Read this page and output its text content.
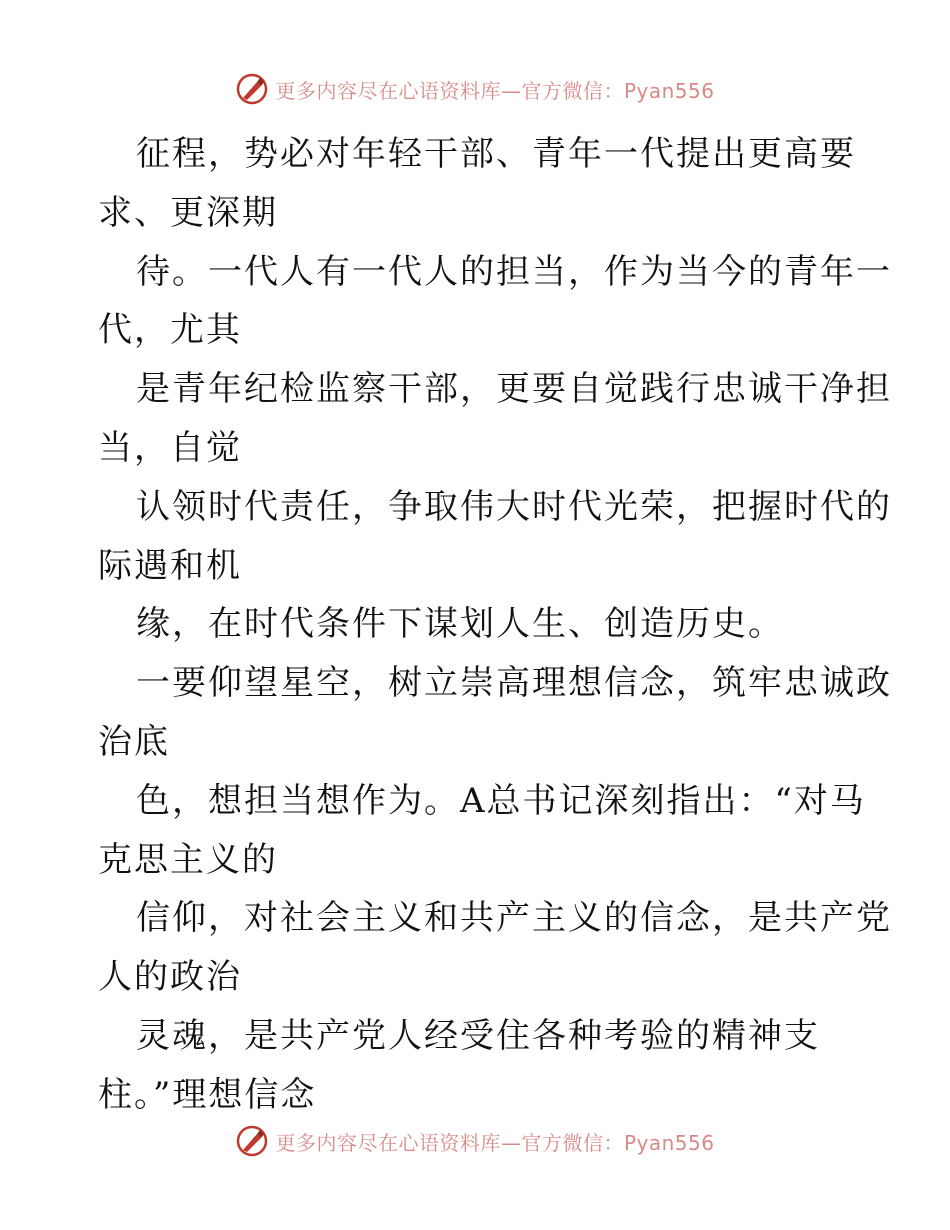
更多内容尽在心语资料库—官方微信：Pyan556
征程，势必对年轻干部、青年一代提出更高要
求、更深期
待。一代人有一代人的担当，作为当今的青年一
代，尤其
是青年纪检监察干部，更要自觉践行忠诚干净担
当，自觉
认领时代责任，争取伟大时代光荣，把握时代的
际遇和机
缘，在时代条件下谋划人生、创造历史。
一要仰望星空，树立崇高理想信念，筑牢忠诚政
治底
色，想担当想作为。A总书记深刻指出：“对马
克思主义的
信仰，对社会主义和共产主义的信念，是共产党
人的政治
灵魂，是共产党人经受住各种考验的精神支
柱。”理想信念
更多内容尽在心语资料库—官方微信：Pyan556
